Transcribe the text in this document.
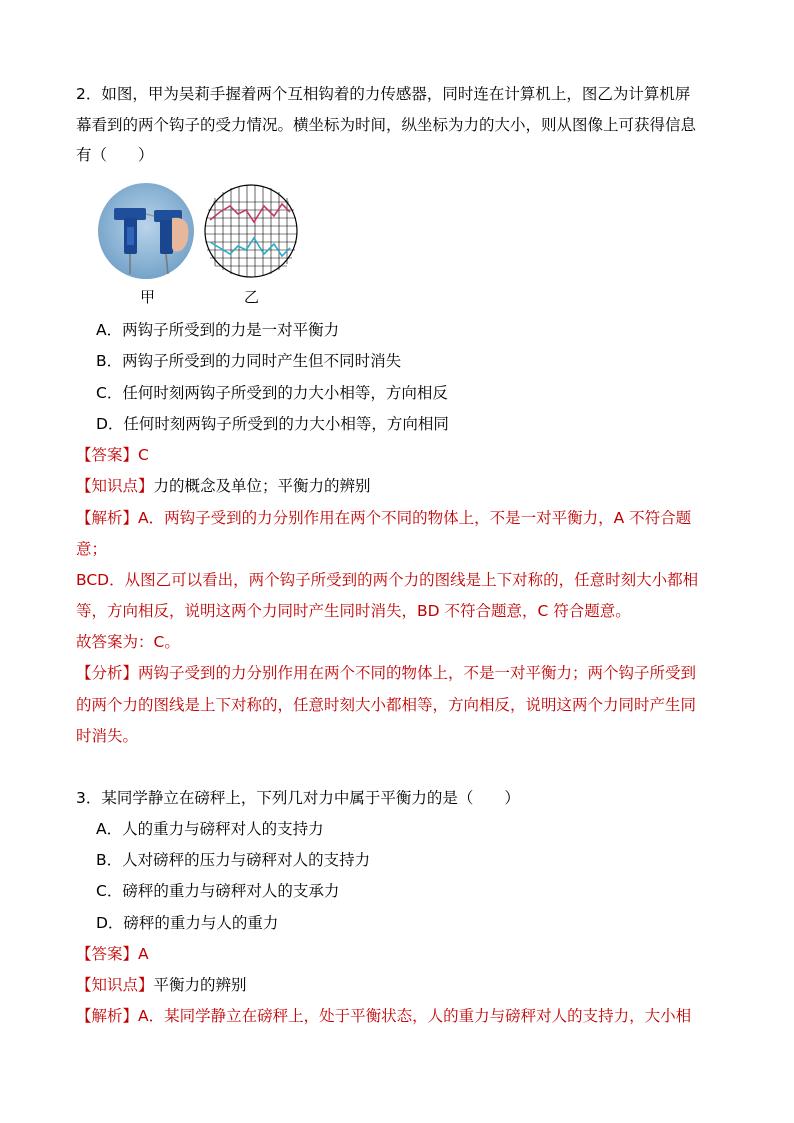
2．如图，甲为吴莉手握着两个互相钩着的力传感器，同时连在计算机上，图乙为计算机屏
幕看到的两个钩子的受力情况。横坐标为时间，纵坐标为力的大小，则从图像上可获得信息
有（　　）
甲	乙
A．两钩子所受到的力是一对平衡力
B．两钩子所受到的力同时产生但不同时消失
C．任何时刻两钩子所受到的力大小相等，方向相反
D．任何时刻两钩子所受到的力大小相等，方向相同
【答案】C
【知识点】力的概念及单位；平衡力的辨别
【解析】A．两钩子受到的力分别作用在两个不同的物体上，不是一对平衡力，A 不符合题
意；
BCD．从图乙可以看出，两个钩子所受到的两个力的图线是上下对称的，任意时刻大小都相
等，方向相反，说明这两个力同时产生同时消失，BD 不符合题意，C 符合题意。
故答案为：C。
【分析】两钩子受到的力分别作用在两个不同的物体上，不是一对平衡力；两个钩子所受到
的两个力的图线是上下对称的，任意时刻大小都相等，方向相反，说明这两个力同时产生同
时消失。
3．某同学静立在磅秤上，下列几对力中属于平衡力的是（　　）
A．人的重力与磅秤对人的支持力
B．人对磅秤的压力与磅秤对人的支持力
C．磅秤的重力与磅秤对人的支承力
D．磅秤的重力与人的重力
【答案】A
【知识点】平衡力的辨别
【解析】A．某同学静立在磅秤上，处于平衡状态，人的重力与磅秤对人的支持力，大小相
